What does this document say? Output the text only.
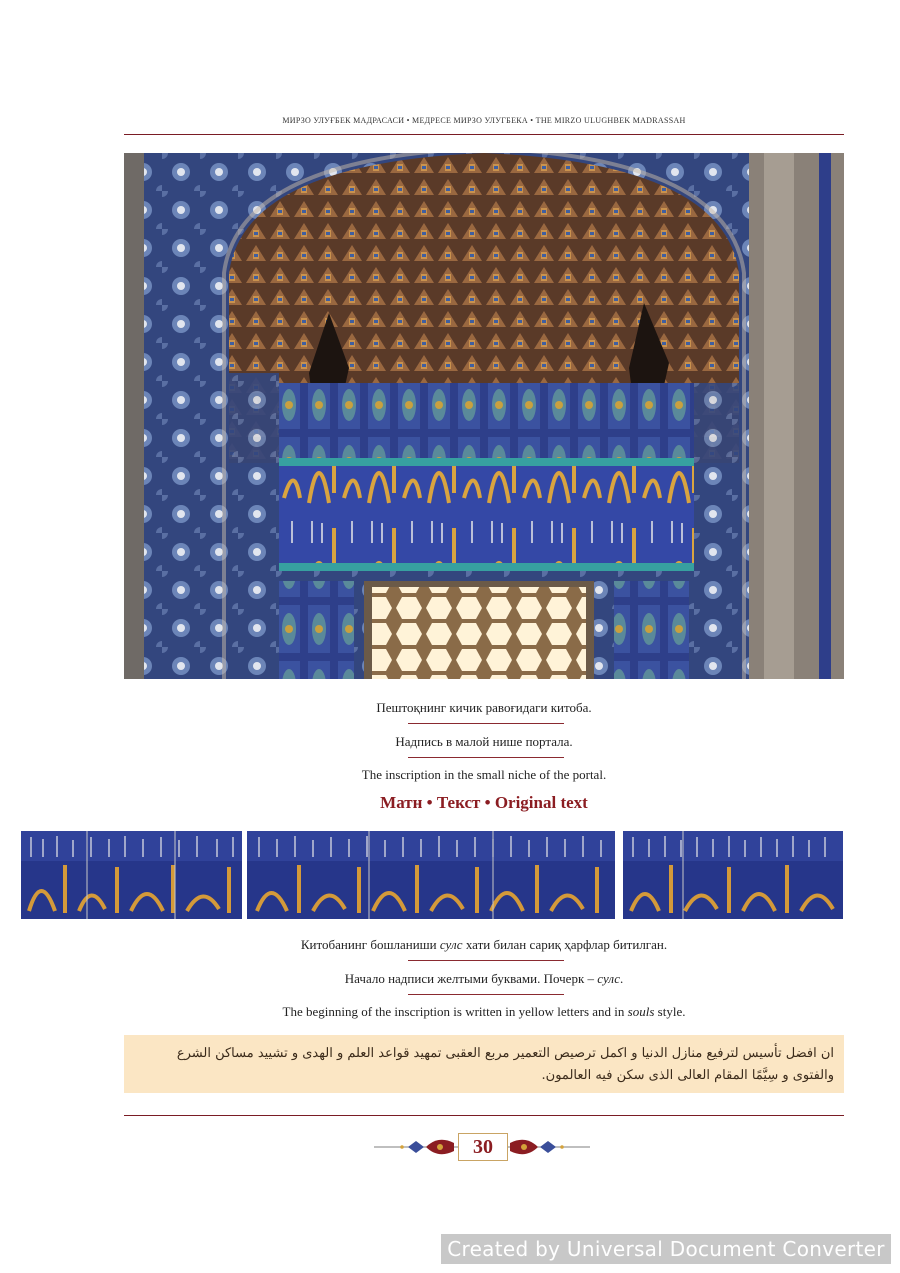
МИРЗО УЛУҒБЕК МАДРАСАСИ • МЕДРЕСЕ МИРЗО УЛУГБЕКА • THE MIRZO ULUGHBEK MADRASSAH
Пештоқнинг кичик равоғидаги китоба.
Надпись в малой нише портала.
The inscription in the small niche of the portal.
Матн • Текст • Original text
Китобанинг бошланиши сулс хати билан сариқ ҳарфлар битилган.
Начало надписи желтыми буквами. Почерк – сулс.
The beginning of the inscription is written in yellow letters and in souls style.
ان افضل تأسیس لترفیع منازل الدنیا و اکمل ترصیص التعمیر مربع العقبی تمهید قواعد العلم و الهدی و تشیید مساکن الشرع والفتوی و سِیَّمًا المقام العالی الذی سکن فیه العالمون.
30
Created by Universal Document Converter
